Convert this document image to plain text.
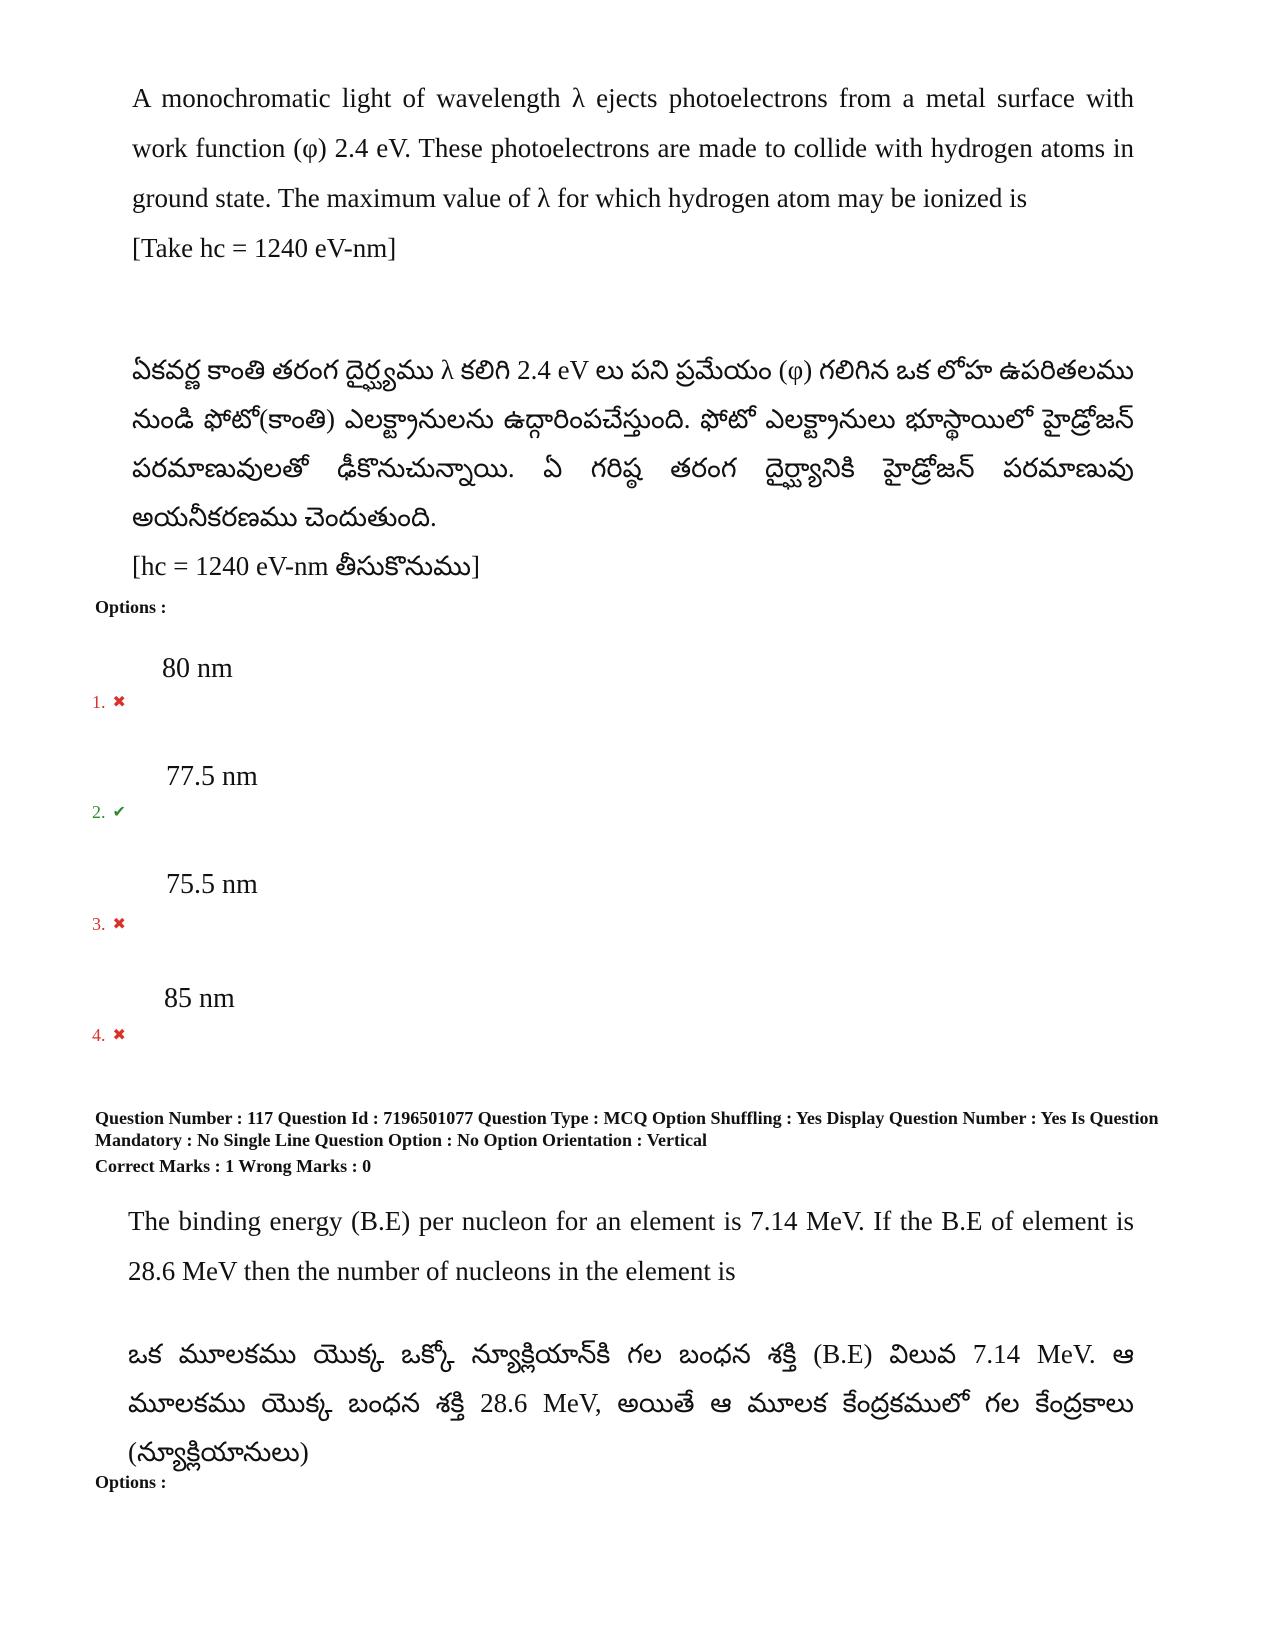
A monochromatic light of wavelength λ ejects photoelectrons from a metal surface with work function (φ) 2.4 eV. These photoelectrons are made to collide with hydrogen atoms in ground state. The maximum value of λ for which hydrogen atom may be ionized is

[Take hc = 1240 eV-nm]

ఏకవర్ణ కాంతి తరంగ దైర్ఘ్యము λ కలిగి 2.4 eV లు పని ప్రమేయం (φ) గలిగిన ఒక లోహ ఉపరితలము నుండి ఫోటో(కాంతి) ఎలక్ట్రానులను ఉద్గారింపచేస్తుంది. ఫోటో ఎలక్ట్రానులు భూస్థాయిలో హైడ్రోజన్ పరమాణువులతో ఢీకొనుచున్నాయి. ఏ గరిష్ఠ తరంగ దైర్ఘ్యానికి హైడ్రోజన్ పరమాణువు అయనీకరణము చెందుతుంది.

[hc = 1240 eV-nm తీసుకొనుము]

Options :
80 nm
1. ✖
77.5 nm
2. ✔
75.5 nm
3. ✖
85 nm
4. ✖

Question Number : 117 Question Id : 7196501077 Question Type : MCQ Option Shuffling : Yes Display Question Number : Yes Is Question Mandatory : No Single Line Question Option : No Option Orientation : Vertical

Correct Marks : 1 Wrong Marks : 0

The binding energy (B.E) per nucleon for an element is 7.14 MeV. If the B.E of element is 28.6 MeV then the number of nucleons in the element is

ఒక మూలకము యొక్క ఒక్కో న్యూక్లియాన్‌కి గల బంధన శక్తి (B.E) విలువ 7.14 MeV. ఆ మూలకము యొక్క బంధన శక్తి 28.6 MeV, అయితే ఆ మూలక కేంద్రకములో గల కేంద్రకాలు (న్యూక్లియానులు)

Options :
